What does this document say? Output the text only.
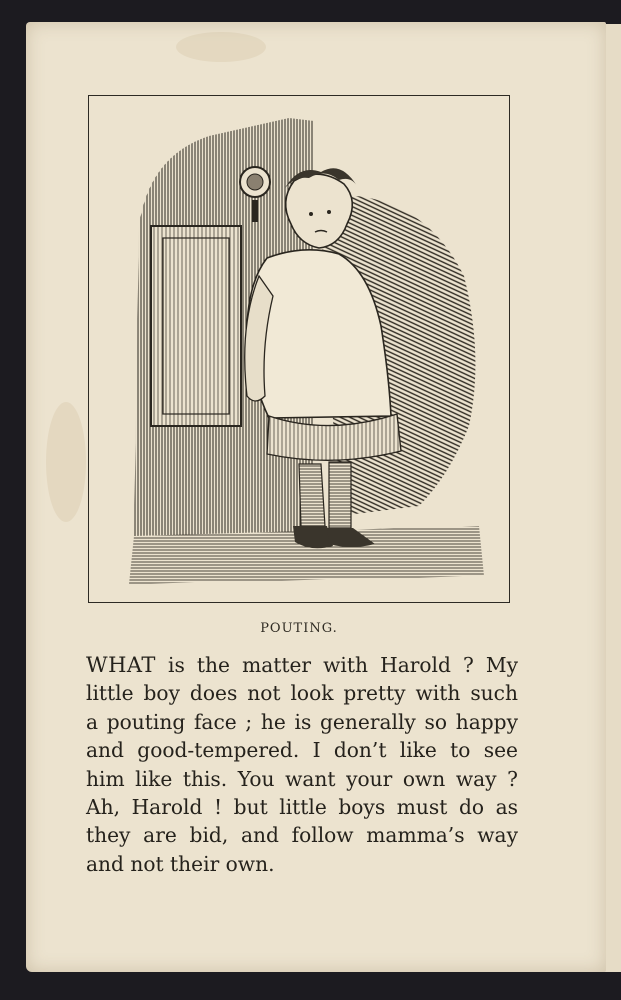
POUTING.
WHAT is the matter with Harold ? My
little boy does not look pretty with such
a pouting face ; he is generally so happy
and good-tempered. I don’t like to see
him like this. You want your own way ?
Ah, Harold ! but little boys must do as
they are bid, and follow mamma’s way
and not their own.
